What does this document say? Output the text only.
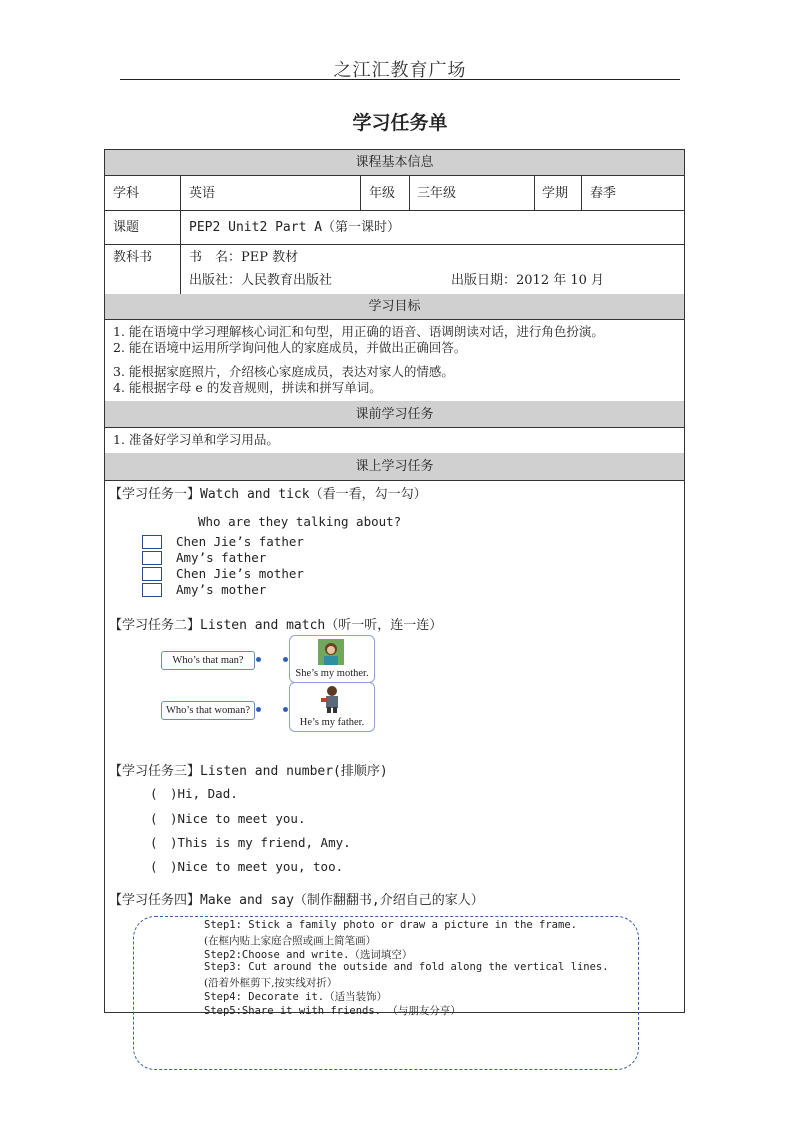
之江汇教育广场
学习任务单
课程基本信息
学科	英语	年级 三年级	学期 春季
课题	PEP2 Unit2 Part A（第一课时）
教科书	书　名：PEP 教材
出版社：人民教育出版社	出版日期：2012 年 10 月
学习目标
1. 能在语境中学习理解核心词汇和句型，用正确的语音、语调朗读对话，进行角色扮演。
2. 能在语境中运用所学询问他人的家庭成员，并做出正确回答。
3. 能根据家庭照片，介绍核心家庭成员，表达对家人的情感。
4. 能根据字母 e 的发音规则，拼读和拼写单词。
课前学习任务
1. 准备好学习单和学习用品。
课上学习任务
【学习任务一】Watch and tick（看一看，勾一勾）
Who are they talking about?
Chen Jie’s father
Amy’s father
Chen Jie’s mother
Amy’s mother
【学习任务二】Listen and match（听一听，连一连）
Who’s that man?
Who’s that woman?
She’s my mother.
He’s my father.
【学习任务三】Listen and number(排顺序)
(　)Hi, Dad.
(　)Nice to meet you.
(　)This is my friend, Amy.
(　)Nice to meet you, too.
【学习任务四】Make and say（制作翻翻书,介绍自己的家人）
Step1: Stick a family photo or draw a picture in the frame.
(在框内贴上家庭合照或画上简笔画）
Step2:Choose and write.（选词填空）
Step3: Cut around the outside and fold along the vertical lines.
(沿着外框剪下,按实线对折）
Step4: Decorate it.（适当装饰）
Step5:Share it with friends. （与朋友分享）
